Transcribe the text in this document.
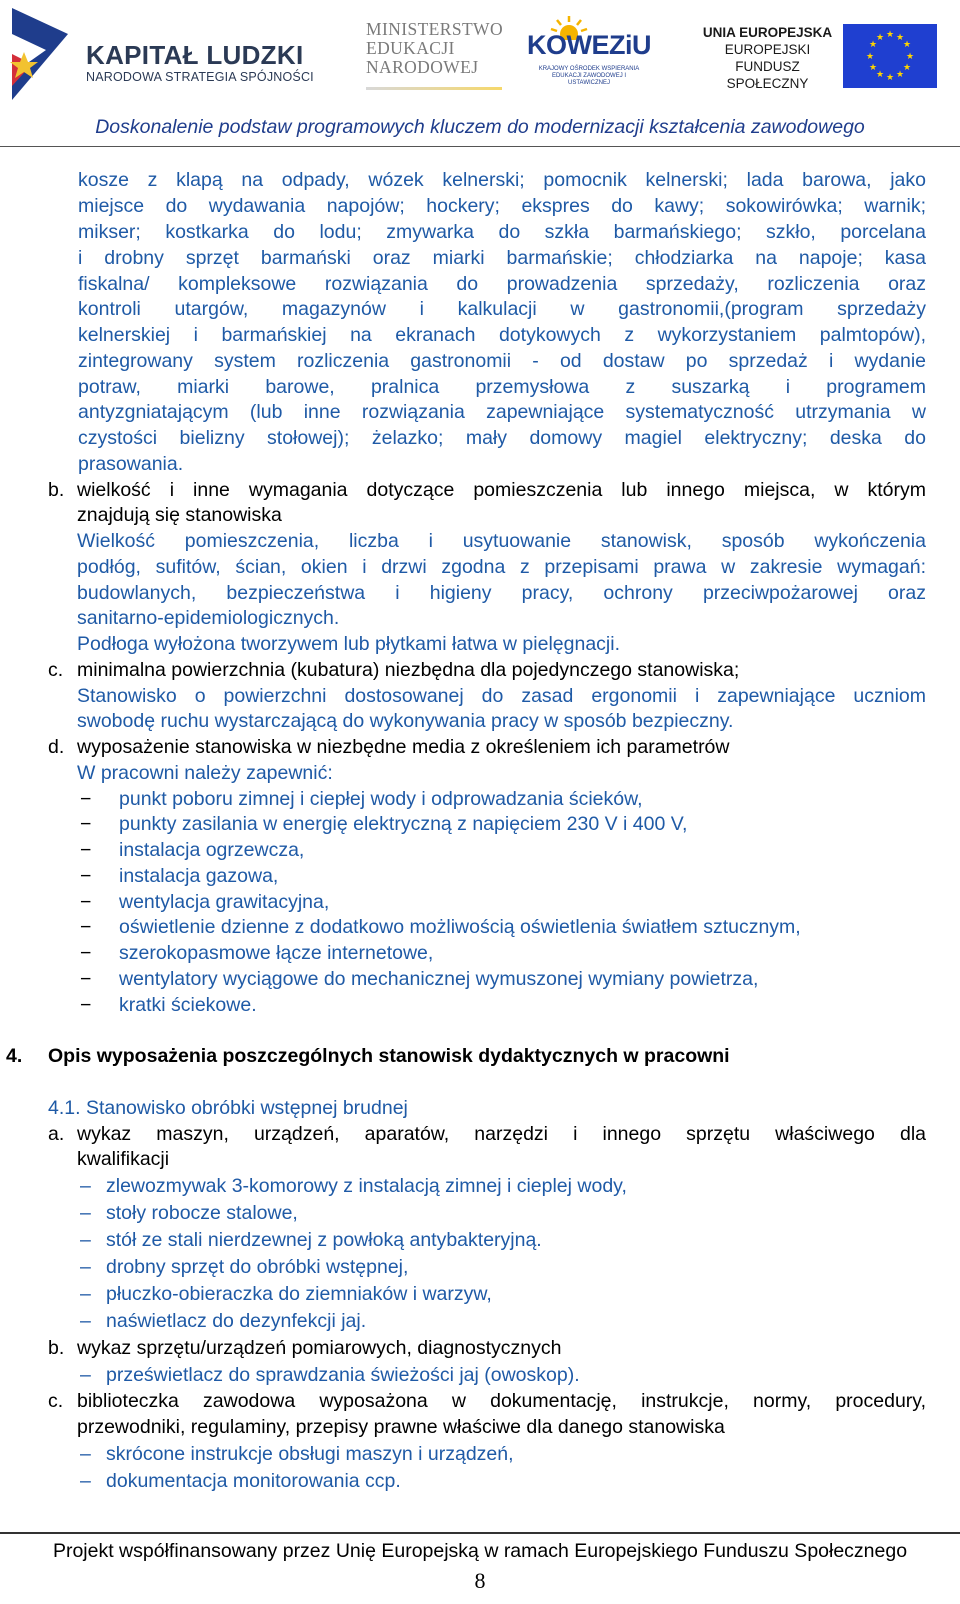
KAPITAŁ LUDZKI
NARODOWA STRATEGIA SPÓJNOŚCI
MINISTERSTWO
EDUKACJI
NARODOWEJ
KOWEZiU
KRAJOWY OŚRODEK WSPIERANIA EDUKACJI ZAWODOWEJ I USTAWICZNEJ
UNIA EUROPEJSKA
EUROPEJSKI
FUNDUSZ SPOŁECZNY
★ ★
★
★
★
★
★
★
★
★
★
★
Doskonalenie podstaw programowych kluczem do modernizacji kształcenia zawodowego
kosze z klapą na odpady, wózek kelnerski; pomocnik kelnerski; lada barowa, jako
miejsce do wydawania napojów; hockery; ekspres do kawy; sokowirówka; warnik;
mikser; kostkarka do lodu; zmywarka do szkła barmańskiego; szkło, porcelana
i drobny sprzęt barmański oraz miarki barmańskie; chłodziarka na napoje; kasa
fiskalna/ kompleksowe rozwiązania do prowadzenia sprzedaży, rozliczenia oraz
kontroli utargów, magazynów i kalkulacji w gastronomii,(program sprzedaży
kelnerskiej i barmańskiej na ekranach dotykowych z wykorzystaniem palmtopów),
zintegrowany system rozliczenia gastronomii - od dostaw po sprzedaż i wydanie
potraw, miarki barowe, pralnica przemysłowa z suszarką i programem
antyzgniatającym (lub inne rozwiązania zapewniające systematyczność utrzymania w
czystości bielizny stołowej); żelazko; mały domowy magiel elektryczny; deska do
prasowania.
b. wielkość i inne wymagania dotyczące pomieszczenia lub innego miejsca, w którym
znajdują się stanowiska
Wielkość pomieszczenia, liczba i usytuowanie stanowisk, sposób wykończenia
podłóg, sufitów, ścian, okien i drzwi zgodna z przepisami prawa w zakresie wymagań:
budowlanych, bezpieczeństwa i higieny pracy, ochrony przeciwpożarowej oraz
sanitarno-epidemiologicznych.
Podłoga wyłożona tworzywem lub płytkami łatwa w pielęgnacji.
c. minimalna powierzchnia (kubatura) niezbędna dla pojedynczego stanowiska;
Stanowisko o powierzchni dostosowanej do zasad ergonomii i zapewniające uczniom
swobodę ruchu wystarczającą do wykonywania pracy w sposób bezpieczny.
d. wyposażenie stanowiska w niezbędne media z określeniem ich parametrów
W pracowni należy zapewnić:
− punkt poboru zimnej i ciepłej wody i odprowadzania ścieków,
− punkty zasilania w energię elektryczną z napięciem 230 V i 400 V,
− instalacja ogrzewcza,
− instalacja gazowa,
− wentylacja grawitacyjna,
− oświetlenie dzienne z dodatkowo możliwością oświetlenia światłem sztucznym,
− szerokopasmowe łącze internetowe,
− wentylatory wyciągowe do mechanicznej wymuszonej wymiany powietrza,
− kratki ściekowe.
4. Opis wyposażenia poszczególnych stanowisk dydaktycznych w pracowni
4.1. Stanowisko obróbki wstępnej brudnej
a. wykaz maszyn, urządzeń, aparatów, narzędzi i innego sprzętu właściwego dla
kwalifikacji
– zlewozmywak 3-komorowy z instalacją zimnej i cieplej wody,
– stoły robocze stalowe,
– stół ze stali nierdzewnej z powłoką antybakteryjną.
– drobny sprzęt do obróbki wstępnej,
– płuczko-obieraczka do ziemniaków i warzyw,
– naświetlacz do dezynfekcji jaj.
b. wykaz sprzętu/urządzeń pomiarowych, diagnostycznych
– prześwietlacz do sprawdzania świeżości jaj (owoskop).
c. biblioteczka zawodowa wyposażona w dokumentację, instrukcje, normy, procedury,
przewodniki, regulaminy, przepisy prawne właściwe dla danego stanowiska
– skrócone instrukcje obsługi maszyn i urządzeń,
– dokumentacja monitorowania ccp.
Projekt współfinansowany przez Unię Europejską w ramach Europejskiego Funduszu Społecznego
8
